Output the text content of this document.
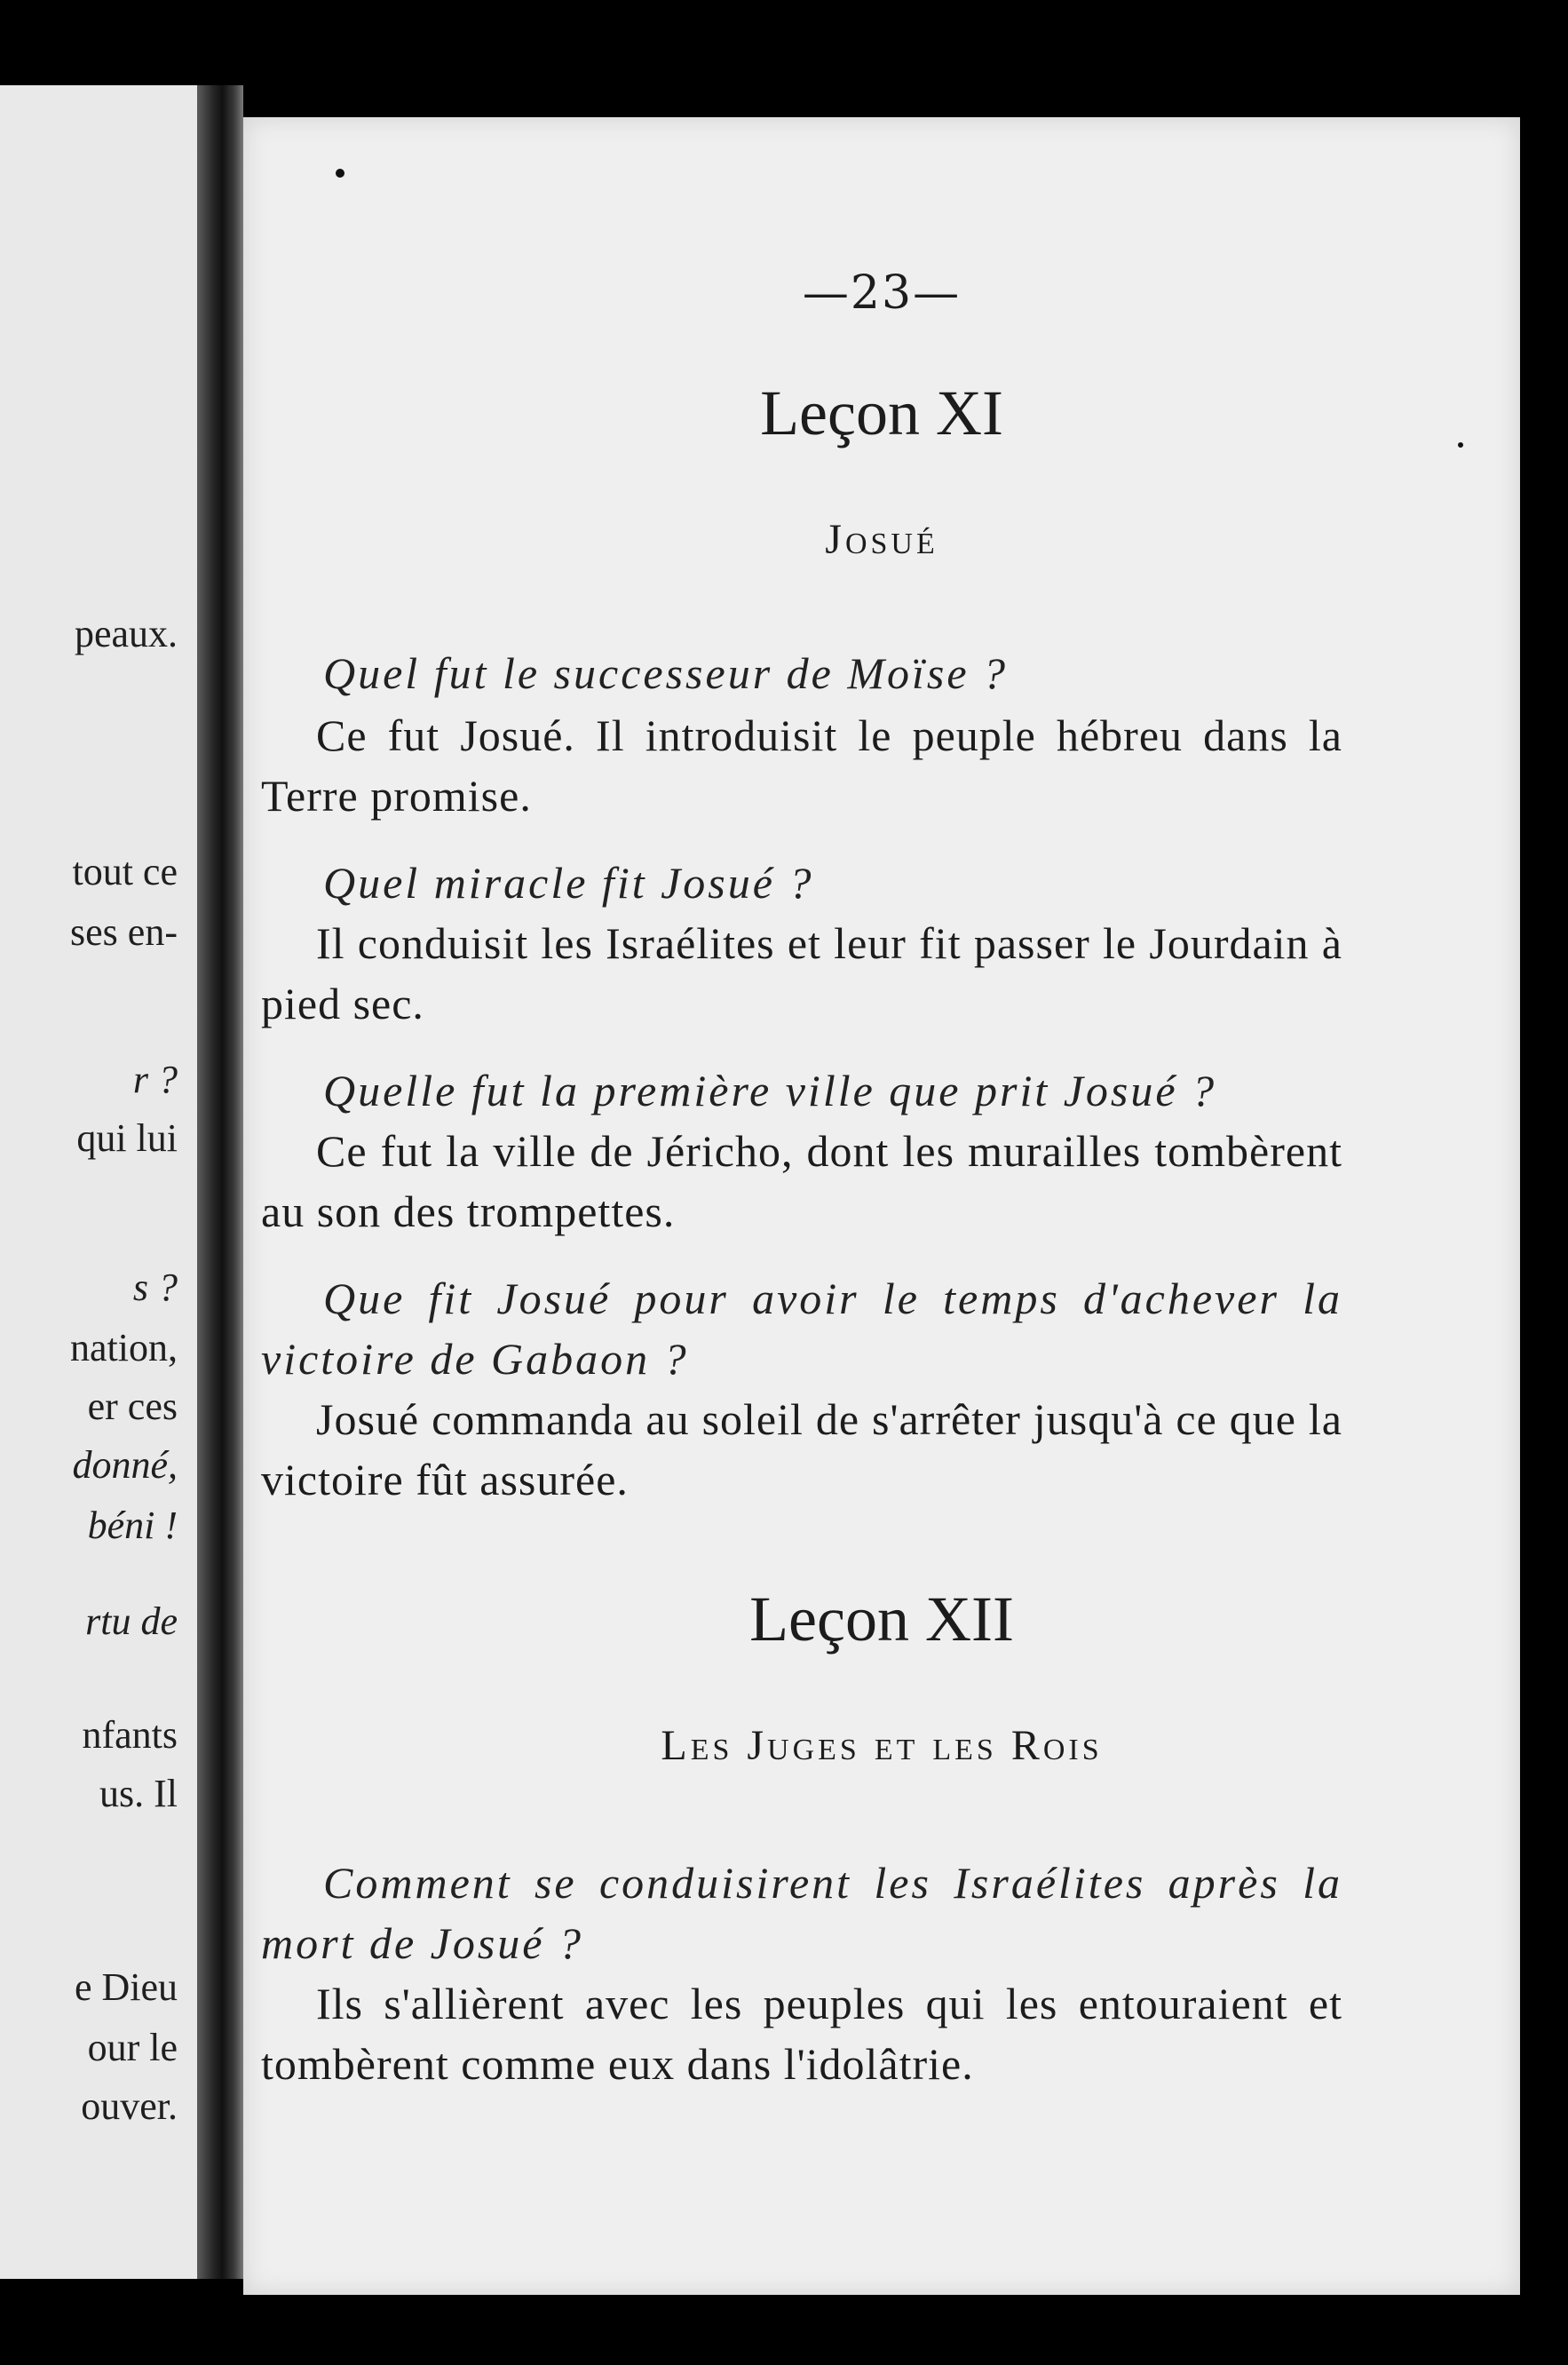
peaux.
tout ce
ses en-
r ?
qui lui
s ?
nation,
er ces
donné,
béni !
rtu de
nfants
us. Il
e Dieu
our le
ouver.
—23—
Leçon XI
Josué
Quel fut le successeur de Moïse ?
Ce fut Josué. Il introduisit le peuple hébreu dans la Terre promise.
Quel miracle fit Josué ?
Il conduisit les Israélites et leur fit passer le Jourdain à pied sec.
Quelle fut la première ville que prit Josué ?
Ce fut la ville de Jéricho, dont les murailles tombèrent au son des trompettes.
Que fit Josué pour avoir le temps d'achever la victoire de Gabaon ?
Josué commanda au soleil de s'arrêter jusqu'à ce que la victoire fût assurée.
Leçon XII
Les Juges et les Rois
Comment se conduisirent les Israélites après la mort de Josué ?
Ils s'allièrent avec les peuples qui les entouraient et tombèrent comme eux dans l'idolâtrie.
